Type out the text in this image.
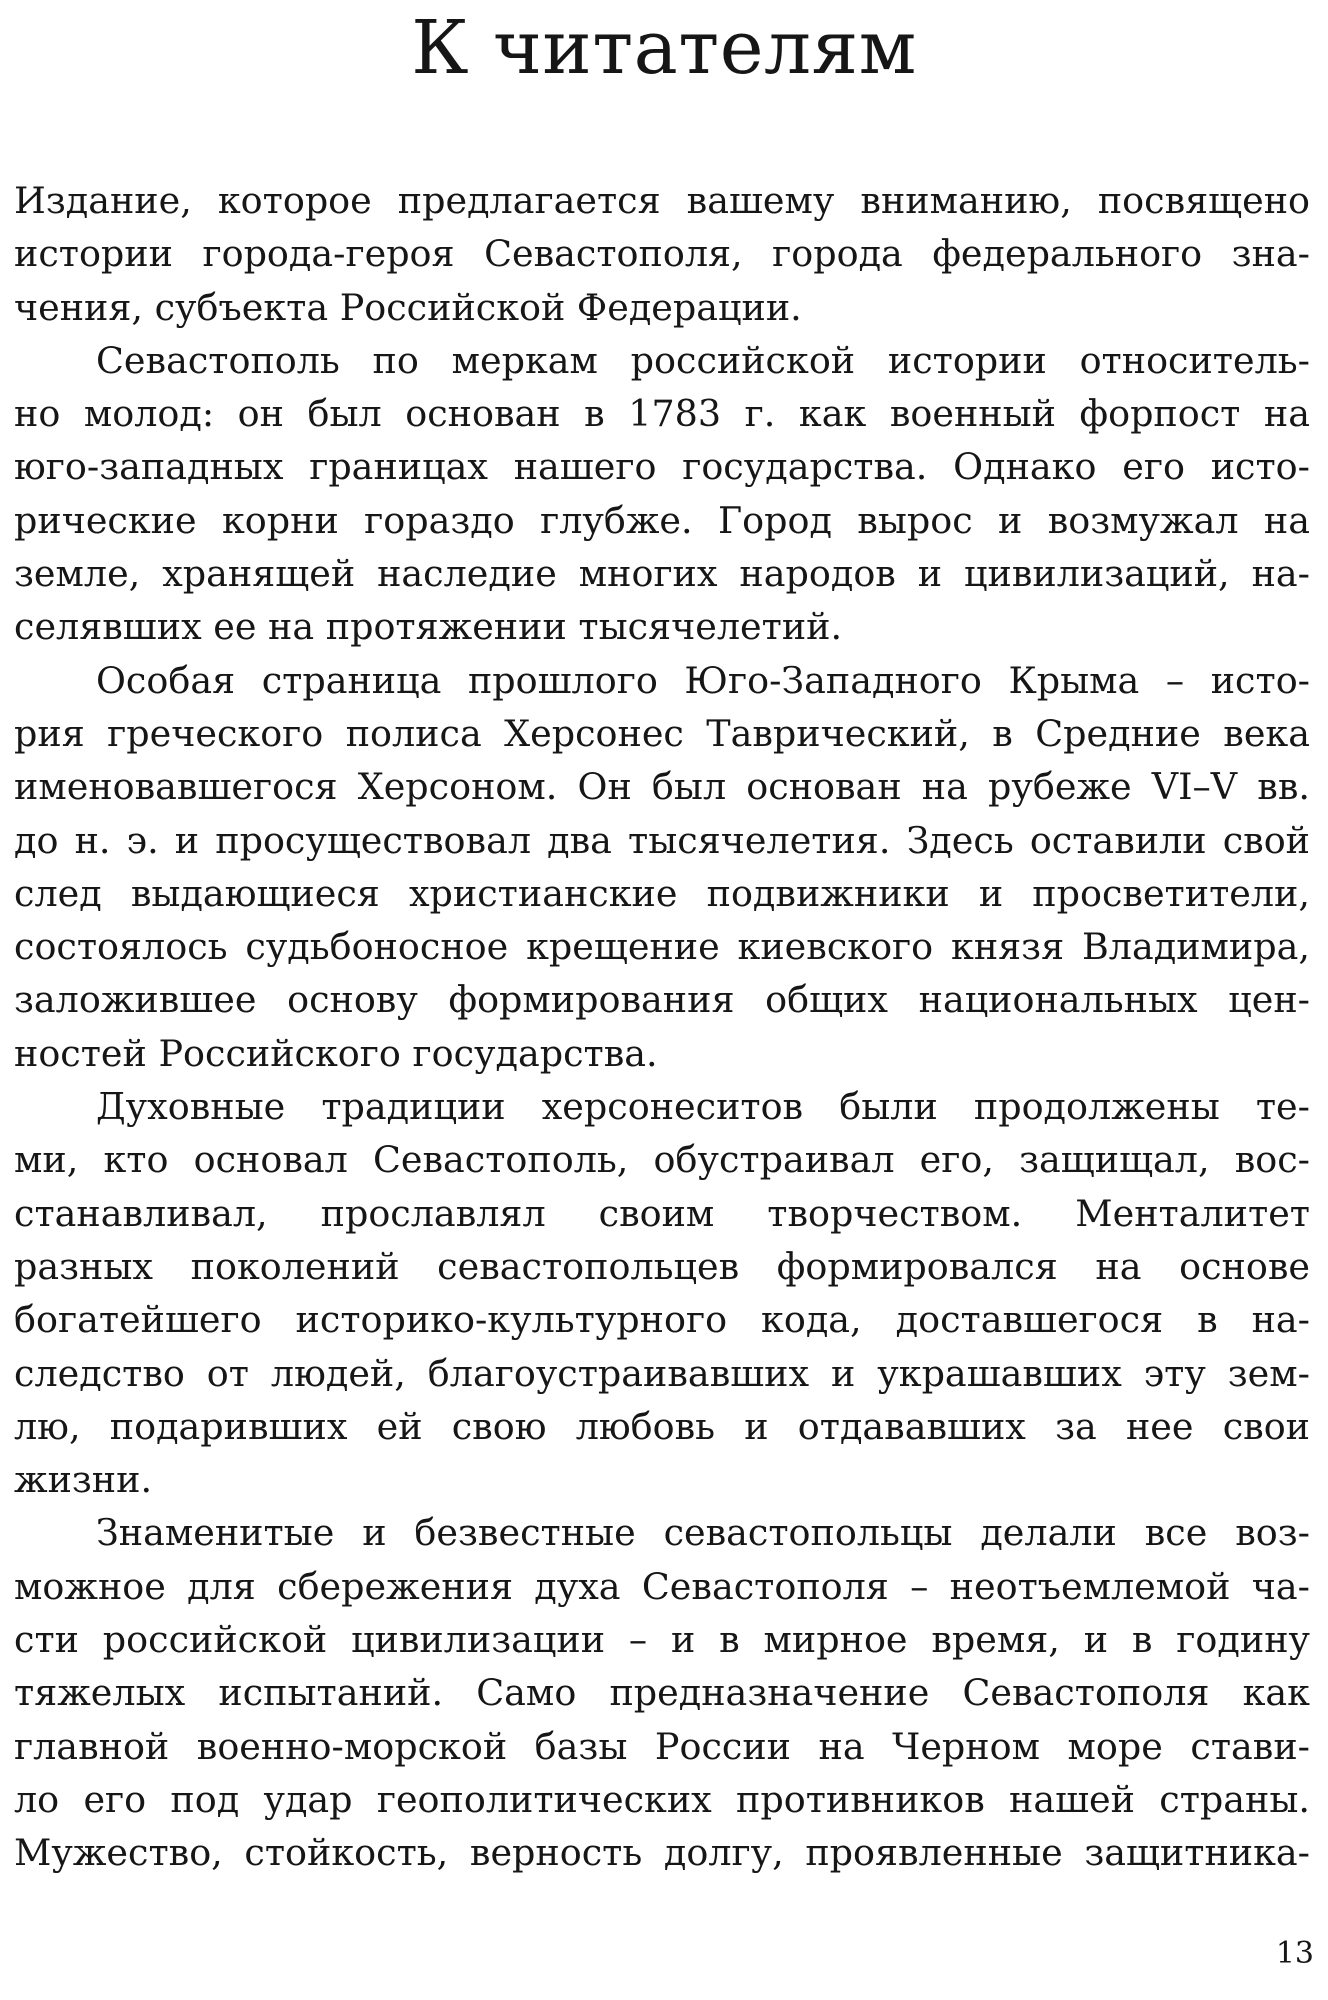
К читателям
Издание, которое предлагается вашему вниманию, посвящено
истории города-героя Севастополя, города федерального зна-
чения, субъекта Российской Федерации.
Севастополь по меркам российской истории относитель-
но молод: он был основан в 1783 г. как военный форпост на
юго-западных границах нашего государства. Однако его исто-
рические корни гораздо глубже. Город вырос и возмужал на
земле, хранящей наследие многих народов и цивилизаций, на-
селявших ее на протяжении тысячелетий.
Особая страница прошлого Юго-Западного Крыма – исто-
рия греческого полиса Херсонес Таврический, в Средние века
именовавшегося Херсоном. Он был основан на рубеже VI–V вв.
до н. э. и просуществовал два тысячелетия. Здесь оставили свой
след выдающиеся христианские подвижники и просветители,
состоялось судьбоносное крещение киевского князя Владимира,
заложившее основу формирования общих национальных цен-
ностей Российского государства.
Духовные традиции херсонеситов были продолжены те-
ми, кто основал Севастополь, обустраивал его, защищал, вос-
станавливал, прославлял своим творчеством. Менталитет
разных поколений севастопольцев формировался на основе
богатейшего историко-культурного кода, доставшегося в на-
следство от людей, благоустраивавших и украшавших эту зем-
лю, подаривших ей свою любовь и отдававших за нее свои
жизни.
Знаменитые и безвестные севастопольцы делали все воз-
можное для сбережения духа Севастополя – неотъемлемой ча-
сти российской цивилизации – и в мирное время, и в годину
тяжелых испытаний. Само предназначение Севастополя как
главной военно-морской базы России на Черном море стави-
ло его под удар геополитических противников нашей страны.
Мужество, стойкость, верность долгу, проявленные защитника-
13
